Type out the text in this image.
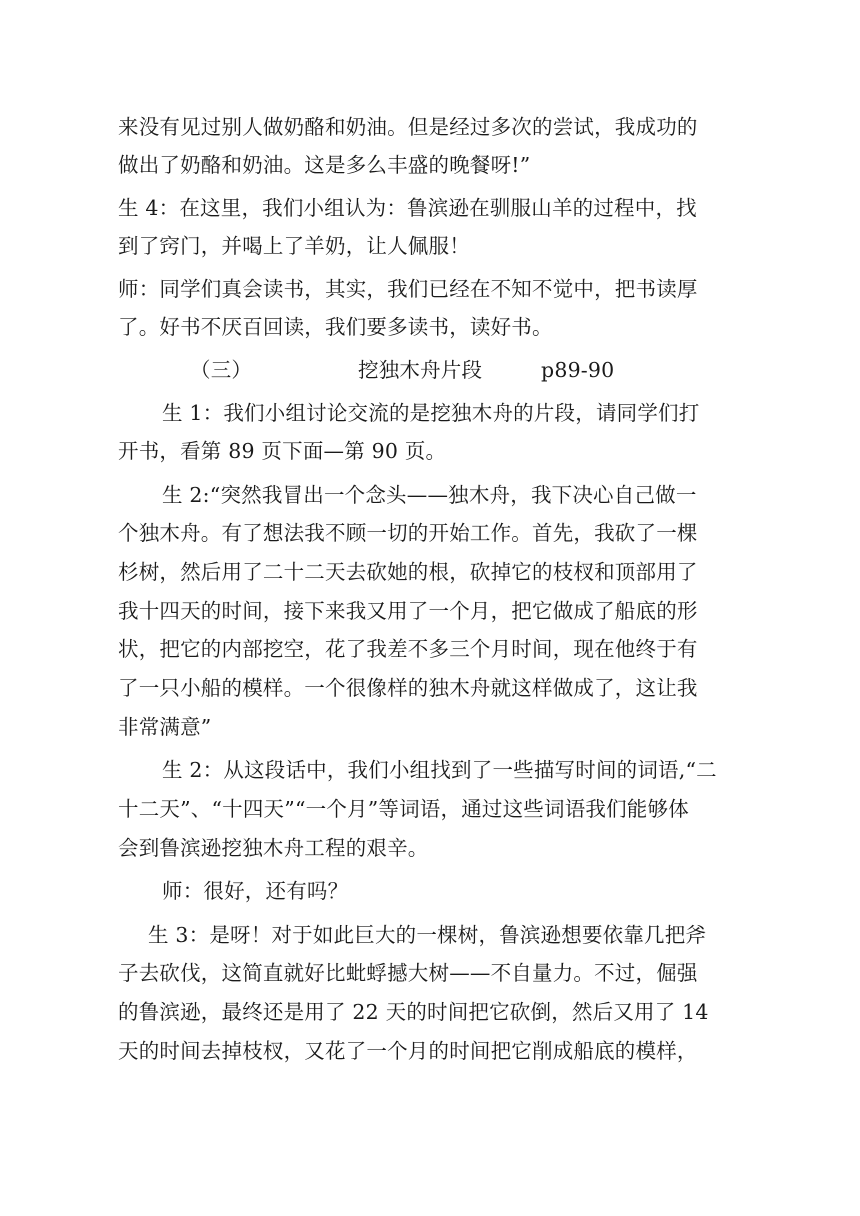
来没有见过别人做奶酪和奶油。但是经过多次的尝试，我成功的
做出了奶酪和奶油。这是多么丰盛的晚餐呀!”
生 4：在这里，我们小组认为：鲁滨逊在驯服山羊的过程中，找
到了窍门，并喝上了羊奶，让人佩服！
师：同学们真会读书，其实，我们已经在不知不觉中，把书读厚
了。好书不厌百回读，我们要多读书，读好书。
（三）	挖独木舟片段	p89-90
生 1：我们小组讨论交流的是挖独木舟的片段，请同学们打
开书，看第 89 页下面—第 90 页。
生 2:“突然我冒出一个念头——独木舟，我下决心自己做一
个独木舟。有了想法我不顾一切的开始工作。首先，我砍了一棵
杉树，然后用了二十二天去砍她的根，砍掉它的枝杈和顶部用了
我十四天的时间，接下来我又用了一个月，把它做成了船底的形
状，把它的内部挖空，花了我差不多三个月时间，现在他终于有
了一只小船的模样。一个很像样的独木舟就这样做成了，这让我
非常满意”
生 2：从这段话中，我们小组找到了一些描写时间的词语,“二
十二天”、“十四天”“一个月”等词语，通过这些词语我们能够体
会到鲁滨逊挖独木舟工程的艰辛。
师：很好，还有吗？
生 3：是呀！对于如此巨大的一棵树，鲁滨逊想要依靠几把斧
子去砍伐，这简直就好比蚍蜉撼大树——不自量力。不过，倔强
的鲁滨逊，最终还是用了 22 天的时间把它砍倒，然后又用了 14
天的时间去掉枝杈，又花了一个月的时间把它削成船底的模样，
